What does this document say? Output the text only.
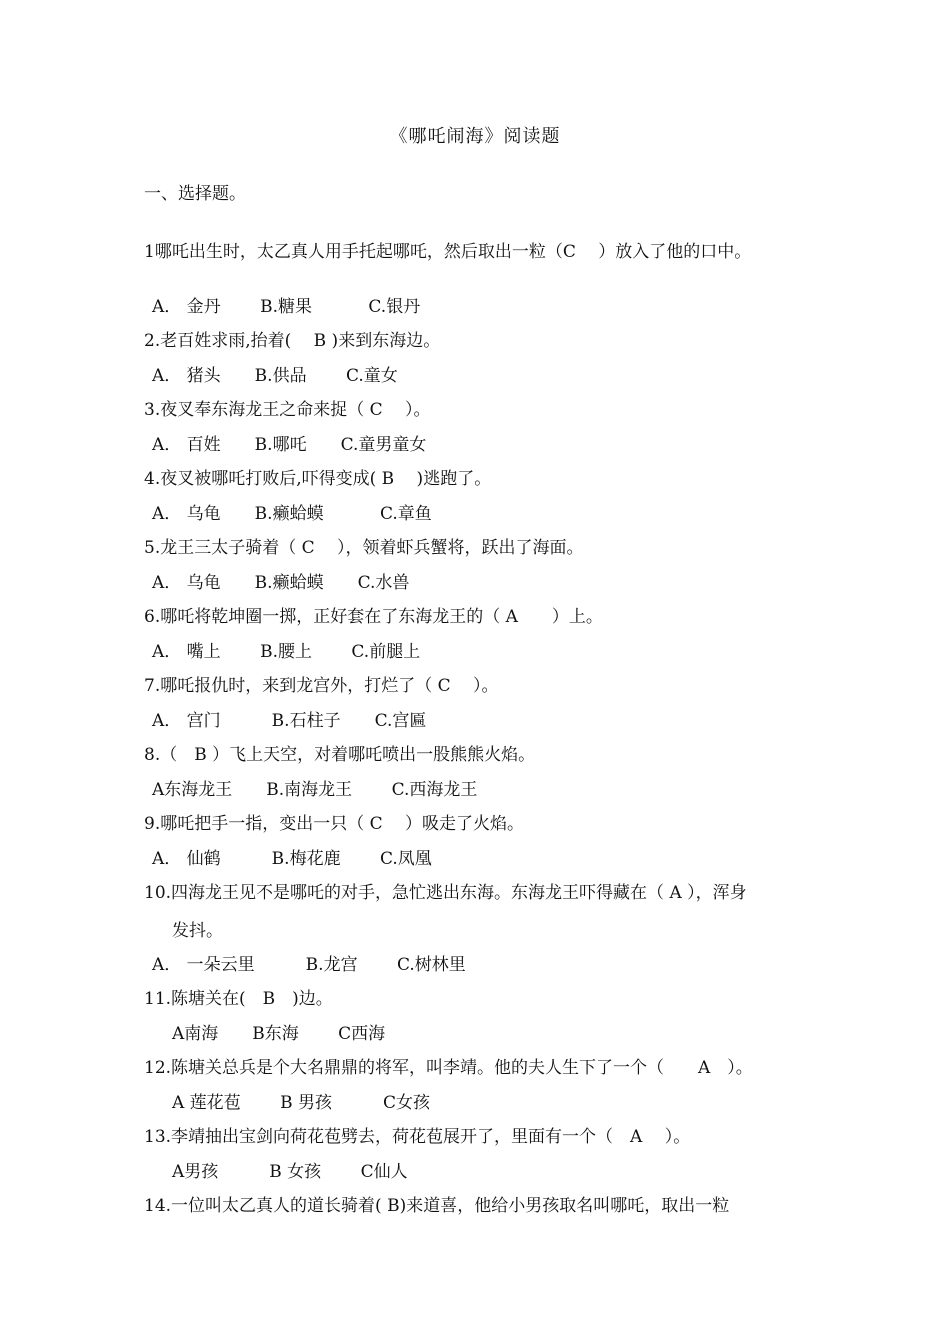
《哪吒闹海》阅读题
一、选择题。
1哪吒出生时，太乙真人用手托起哪吒，然后取出一粒（C　 ）放入了他的口中。
A． 金丹　　 B.糖果　　　 C.银丹
2.老百姓求雨,抬着(　 B )来到东海边。
A． 猪头　　B.供品　　 C.童女
3.夜叉奉东海龙王之命来捉（ C　 ）。
A． 百姓　　B.哪吒　　C.童男童女
4.夜叉被哪吒打败后,吓得变成( B　 )逃跑了。
A． 乌龟　　B.癞蛤蟆　　　 C.章鱼
5.龙王三太子骑着（ C　 ），领着虾兵蟹将，跃出了海面。
A． 乌龟　　B.癞蛤蟆　　C.水兽
6.哪吒将乾坤圈一掷，正好套在了东海龙王的（ A　　）上。
A． 嘴上　　 B.腰上　　 C.前腿上
7.哪吒报仇时，来到龙宫外，打烂了（ C　 ）。
A． 宫门　　　B.石柱子　　C.宫匾
8.（　B ）飞上天空，对着哪吒喷出一股熊熊火焰。
A东海龙王　　B.南海龙王　　 C.西海龙王
9.哪吒把手一指，变出一只（ C　 ）吸走了火焰。
A． 仙鹤　　　B.梅花鹿　　 C.凤凰
10.四海龙王见不是哪吒的对手，急忙逃出东海。东海龙王吓得藏在（ A ），浑身
发抖。
A． 一朵云里　　　B.龙宫　　 C.树林里
11.陈塘关在(　B　)边。
A南海　　B东海　　 C西海
12.陈塘关总兵是个大名鼎鼎的将军，叫李靖。他的夫人生下了一个（　　A　）。
A 莲花苞　　 B 男孩　　　C女孩
13.李靖抽出宝剑向荷花苞劈去，荷花苞展开了，里面有一个（　A　 ）。
A男孩　　　B 女孩　　 C仙人
14.一位叫太乙真人的道长骑着( B)来道喜，他给小男孩取名叫哪吒，取出一粒
